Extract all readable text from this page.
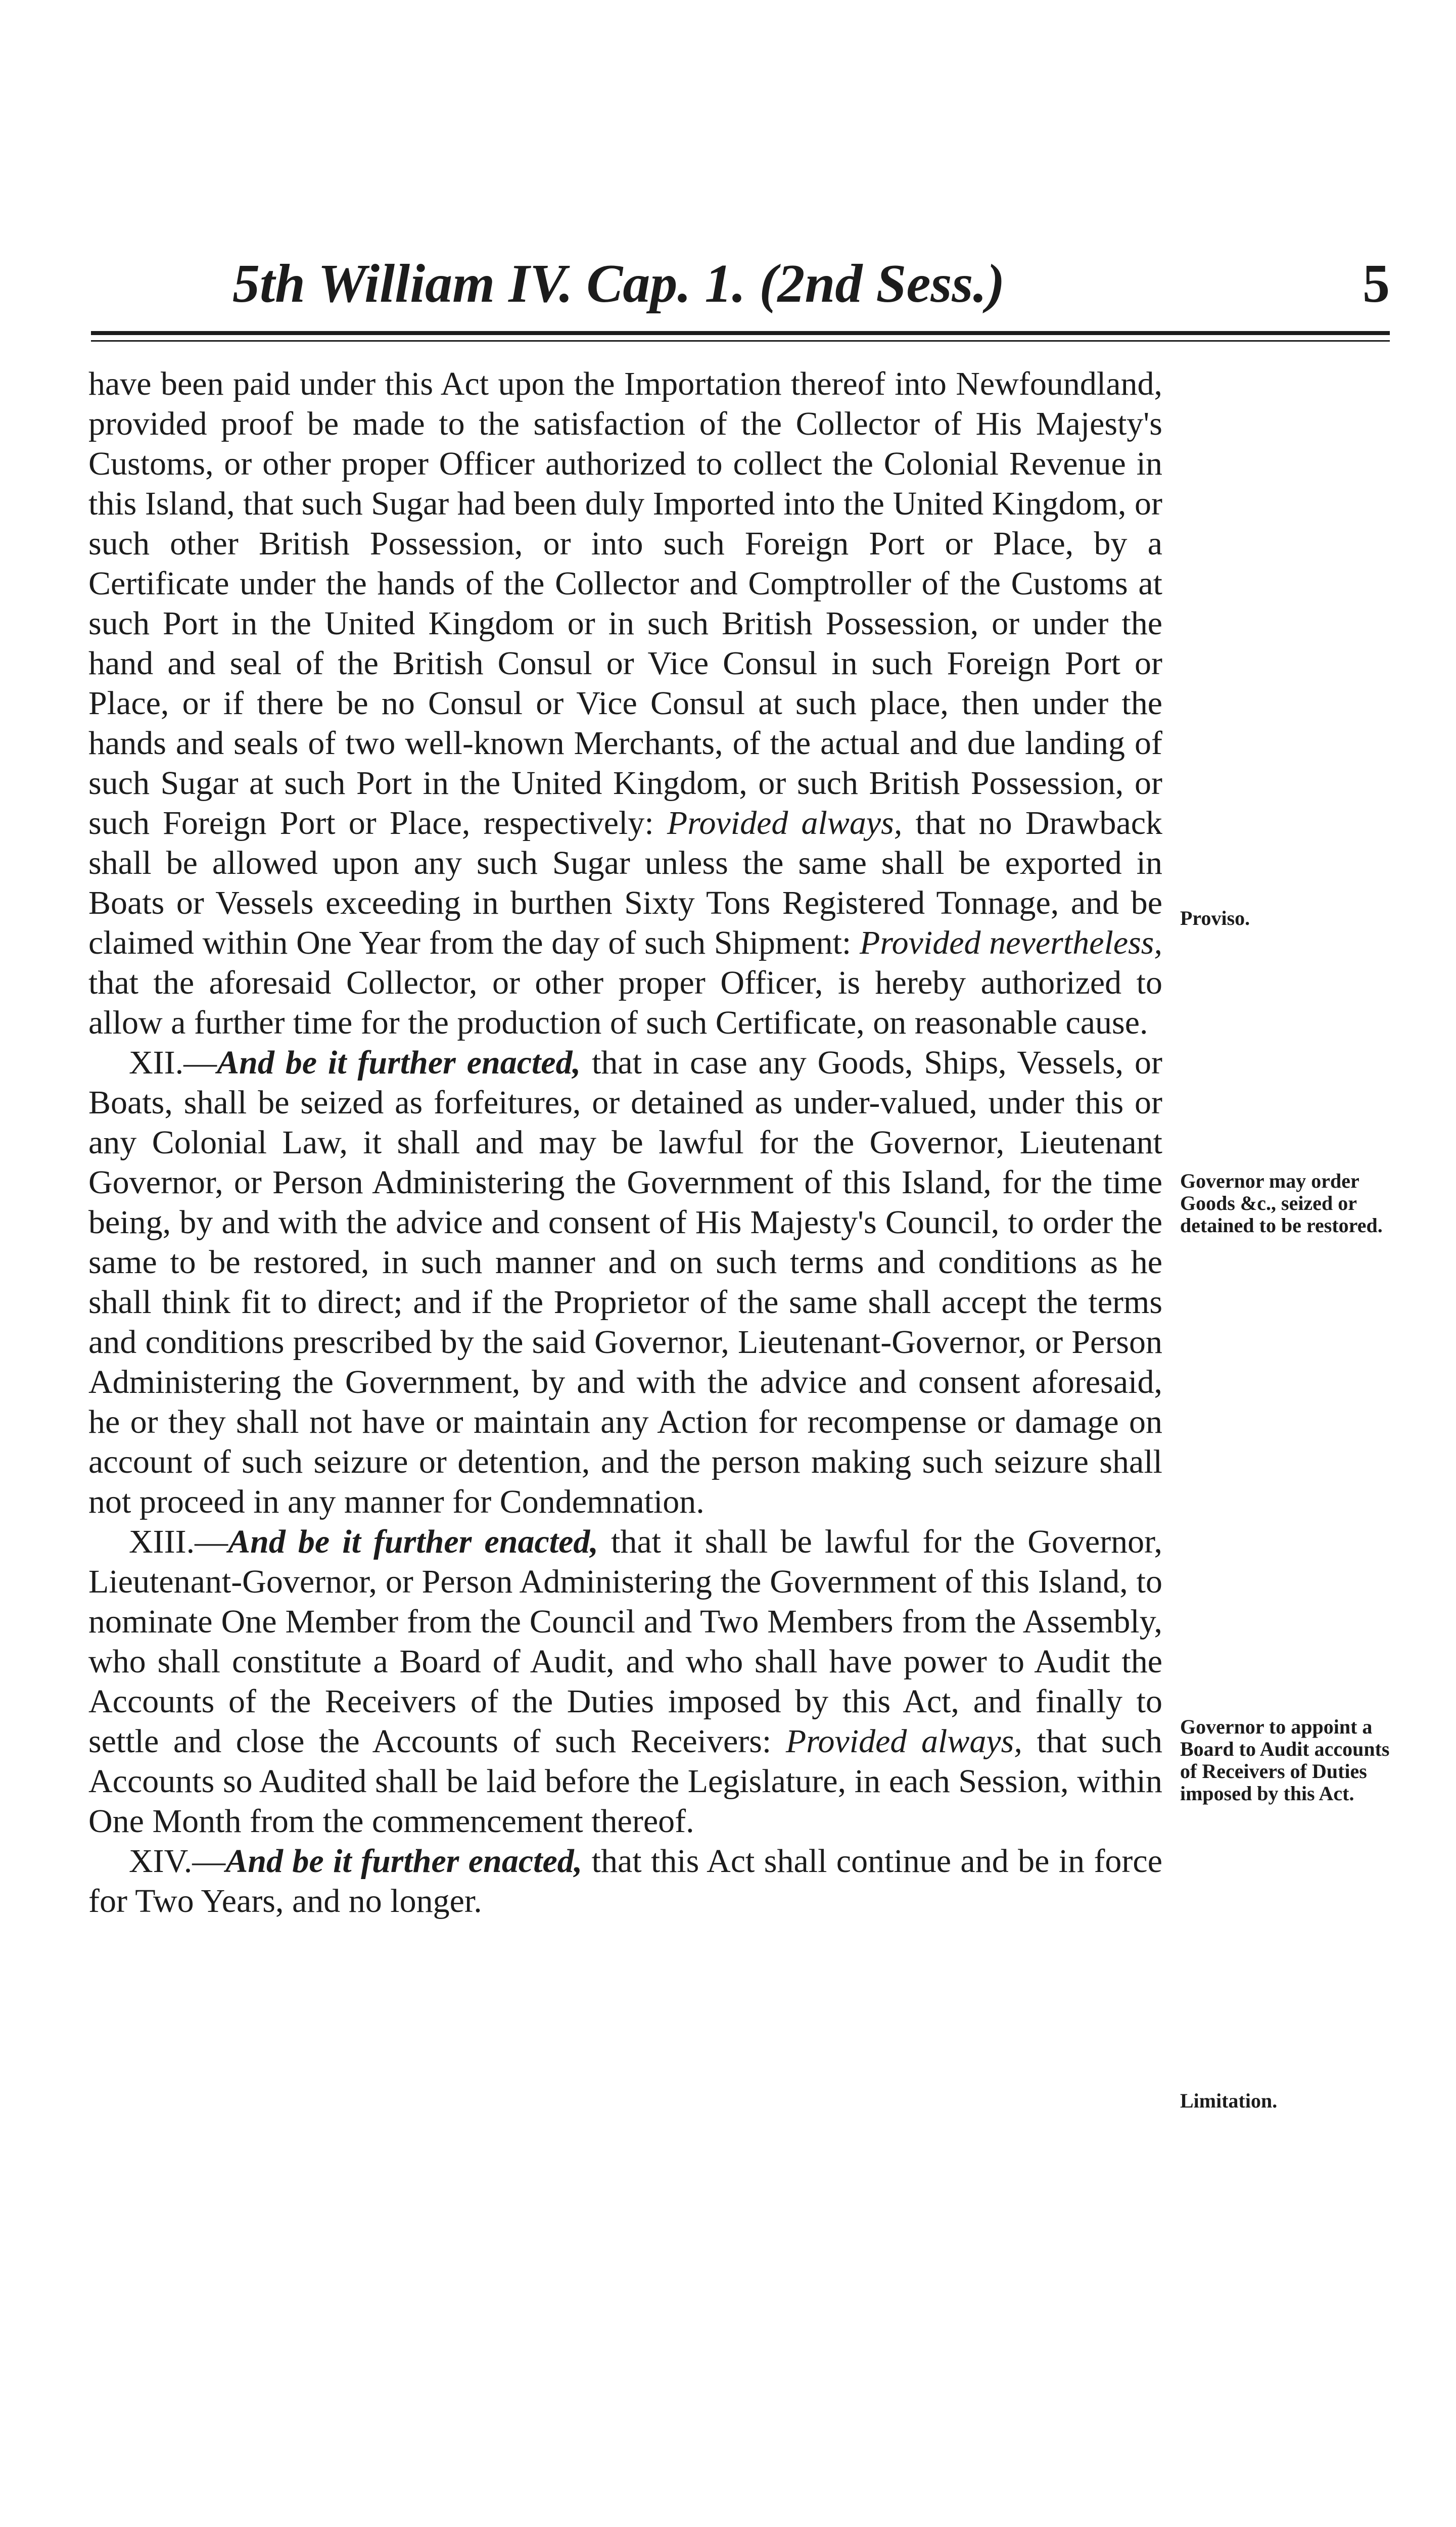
5th William IV. Cap. 1. (2nd Sess.)	5

have been paid under this Act upon the Importation thereof into Newfoundland, provided proof be made to the satisfaction of the Collector of His Majesty's Customs, or other proper Officer authorized to collect the Colonial Revenue in this Island, that such Sugar had been duly Imported into the United Kingdom, or such other British Possession, or into such Foreign Port or Place, by a Certificate under the hands of the Collector and Comptroller of the Customs at such Port in the United Kingdom or in such British Possession, or under the hand and seal of the British Consul or Vice Consul in such Foreign Port or Place, or if there be no Consul or Vice Consul at such place, then under the hands and seals of two well-known Merchants, of the actual and due landing of such Sugar at such Port in the United Kingdom, or such British Possession, or such Foreign Port or Place, respectively: Provided always, that no Drawback shall be allowed upon any such Sugar unless the same shall be exported in Boats or Vessels exceeding in burthen Sixty Tons Registered Tonnage, and be claimed within One Year from the day of such Shipment: Provided nevertheless, that the aforesaid Collector, or other proper Officer, is hereby authorized to allow a further time for the production of such Certificate, on reasonable cause.

XII.—And be it further enacted, that in case any Goods, Ships, Vessels, or Boats, shall be seized as forfeitures, or detained as under-valued, under this or any Colonial Law, it shall and may be lawful for the Governor, Lieutenant Governor, or Person Administering the Government of this Island, for the time being, by and with the advice and consent of His Majesty's Council, to order the same to be restored, in such manner and on such terms and conditions as he shall think fit to direct; and if the Proprietor of the same shall accept the terms and conditions prescribed by the said Governor, Lieutenant-Governor, or Person Administering the Government, by and with the advice and consent aforesaid, he or they shall not have or maintain any Action for recompense or damage on account of such seizure or detention, and the person making such seizure shall not proceed in any manner for Condemnation.

XIII.—And be it further enacted, that it shall be lawful for the Governor, Lieutenant-Governor, or Person Administering the Government of this Island, to nominate One Member from the Council and Two Members from the Assembly, who shall constitute a Board of Audit, and who shall have power to Audit the Accounts of the Receivers of the Duties imposed by this Act, and finally to settle and close the Accounts of such Receivers: Provided always, that such Accounts so Audited shall be laid before the Legislature, in each Session, within One Month from the commencement thereof.

XIV.—And be it further enacted, that this Act shall continue and be in force for Two Years, and no longer.

Proviso.
Governor may order Goods &c., seized or detained to be restored.
Governor to appoint a Board to Audit accounts of Receivers of Duties imposed by this Act.
Limitation.
